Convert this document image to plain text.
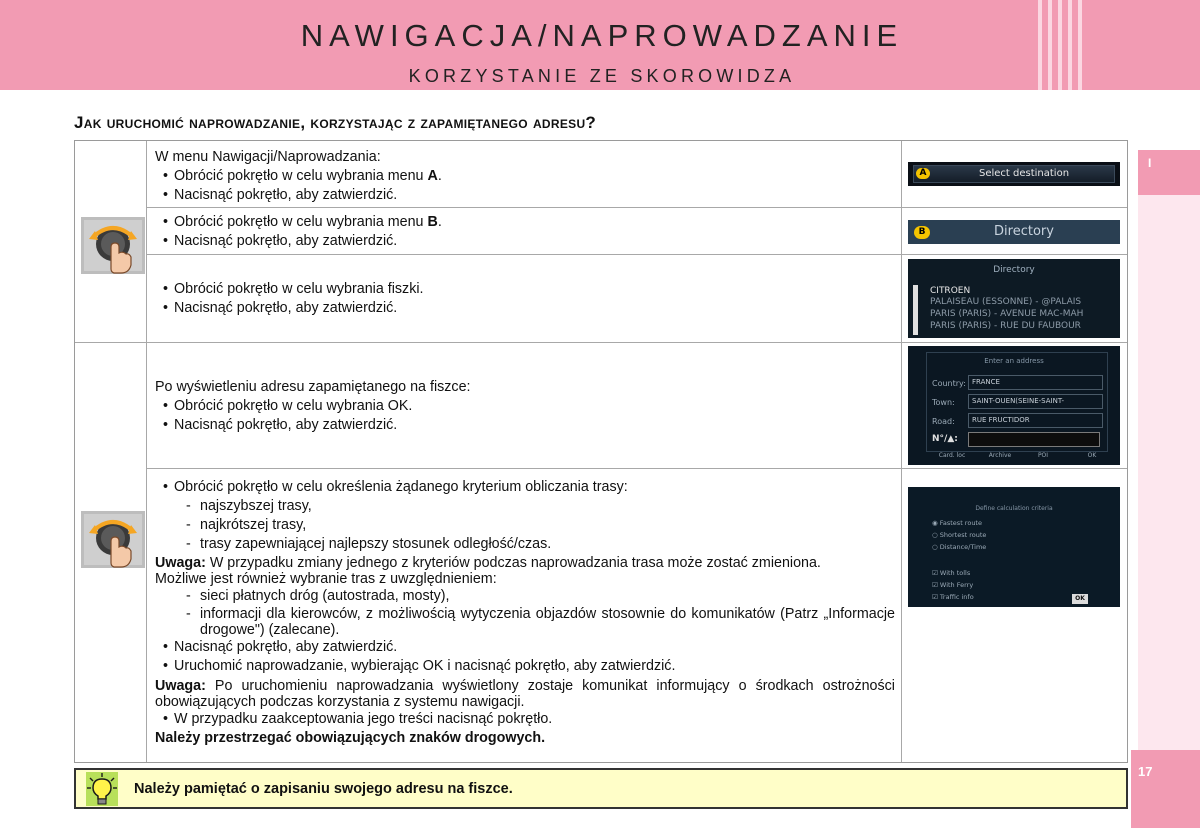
NAWIGACJA/NAPROWADZANIE
KORZYSTANIE ZE SKOROWIDZA
Jak uruchomić naprowadzanie, korzystając z zapamiętanego adresu?
I
17

W menu Nawigacji/Naprowadzania:

• Obrócić pokrętło w celu wybrania menu A.

• Nacisnąć pokrętło, aby zatwierdzić.

• Obrócić pokrętło w celu wybrania menu B.

• Nacisnąć pokrętło, aby zatwierdzić.

• Obrócić pokrętło w celu wybrania fiszki.

• Nacisnąć pokrętło, aby zatwierdzić.

Po wyświetleniu adresu zapamiętanego na fiszce:

• Obrócić pokrętło w celu wybrania OK.

• Nacisnąć pokrętło, aby zatwierdzić.

• Obrócić pokrętło w celu określenia żądanego kryterium obliczania trasy:

- najszybszej trasy,

- najkrótszej trasy,

- trasy zapewniającej najlepszy stosunek odległość/czas.

Uwaga: W przypadku zmiany jednego z kryteriów podczas naprowadzania trasa może zostać zmieniona.

Możliwe jest również wybranie tras z uwzględnieniem:

- sieci płatnych dróg (autostrada, mosty),

- informacji dla kierowców, z możliwością wytyczenia objazdów stosownie do komunikatów (Patrz „Informacje drogowe") (zalecane).

• Nacisnąć pokrętło, aby zatwierdzić.

• Uruchomić naprowadzanie, wybierając OK i nacisnąć pokrętło, aby zatwierdzić.

Uwaga: Po uruchomieniu naprowadzania wyświetlony zostaje komunikat informujący o środkach ostrożności obowiązujących podczas korzystania z systemu nawigacji.

• W przypadku zaakceptowania jego treści nacisnąć pokrętło.

Należy przestrzegać obowiązujących znaków drogowych.

A	Select destination
B	Directory
Directory
CITROEN
PALAISEAU (ESSONNE) - @PALAIS
PARIS (PARIS) - AVENUE MAC-MAH
PARIS (PARIS) - RUE DU FAUBOUR
Enter an address
Country: FRANCE
Town:	SAINT-OUEN(SEINE-SAINT-
Road:	RUE FRUCTIDOR
N°/▲:
Card. loc	Archive	POI	OK
Define calculation criteria
◉ Fastest route
○ Shortest route
○ Distance/Time
☑ With tolls
☑ With Ferry
☑ Traffic info	OK
Należy pamiętać o zapisaniu swojego adresu na fiszce.
